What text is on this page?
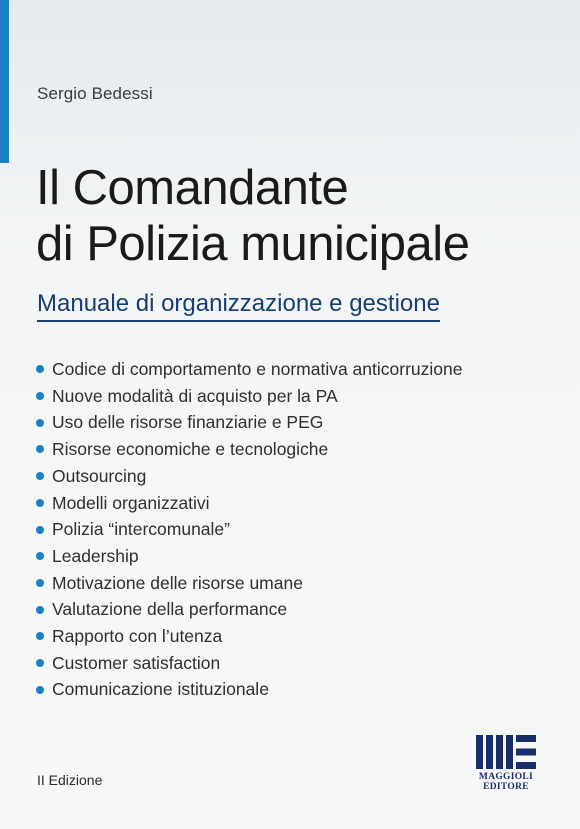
Sergio Bedessi
Il Comandante
di Polizia municipale
Manuale di organizzazione e gestione
Codice di comportamento e normativa anticorruzione
Nuove modalità di acquisto per la PA
Uso delle risorse finanziarie e PEG
Risorse economiche e tecnologiche
Outsourcing
Modelli organizzativi
Polizia “intercomunale”
Leadership
Motivazione delle risorse umane
Valutazione della performance
Rapporto con l’utenza
Customer satisfaction
Comunicazione istituzionale
II Edizione	MAGGIOLI
EDITORE
